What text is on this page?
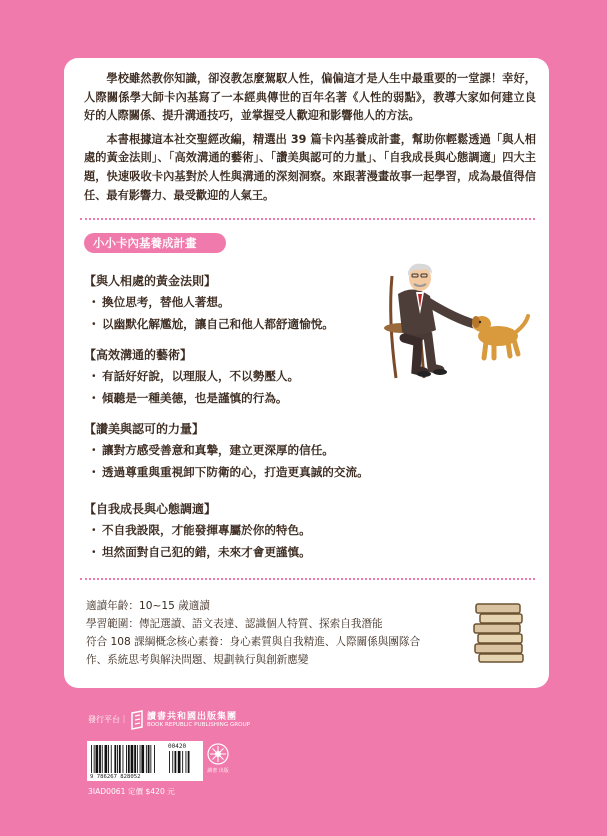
學校雖然教你知識，卻沒教怎麼駕馭人性，偏偏這才是人生中最重要的一堂課！幸好，人際關係學大師卡內基寫了一本經典傳世的百年名著《人性的弱點》，教導大家如何建立良好的人際關係、提升溝通技巧，並掌握受人歡迎和影響他人的方法。

本書根據這本社交聖經改編，精選出 39 篇卡內基養成計畫，幫助你輕鬆透過「與人相處的黃金法則」、「高效溝通的藝術」、「讚美與認可的力量」、「自我成長與心態調適」四大主題，快速吸收卡內基對於人性與溝通的深刻洞察。來跟著漫畫故事一起學習，成為最值得信任、最有影響力、最受歡迎的人氣王。

小小卡內基養成計畫
【與人相處的黃金法則】
・ 換位思考，替他人著想。
・ 以幽默化解尷尬，讓自己和他人都舒適愉悅。
【高效溝通的藝術】
・ 有話好好說，以理服人，不以勢壓人。
・ 傾聽是一種美德，也是謹慎的行為。
【讚美與認可的力量】
・ 讓對方感受善意和真摯，建立更深厚的信任。
・ 透過尊重與重視卸下防衛的心，打造更真誠的交流。
【自我成長與心態調適】
・ 不自我設限，才能發揮專屬於你的特色。
・ 坦然面對自己犯的錯，未來才會更謹慎。
適讀年齡：10~15 歲適讀
學習範圍：傳記選讀、語文表達、認識個人特質、探索自我潛能
符合 108 課綱概念核心素養：身心素質與自我精進、人際關係與團隊合
作、系統思考與解決問題、規劃執行與創新應變
發行平台｜ 讀書共和國出版集團
BOOK REPUBLIC PUBLISHING GROUP
00420
9 786267 828052
3IAD0061 定價 $420 元
讀書 出版
